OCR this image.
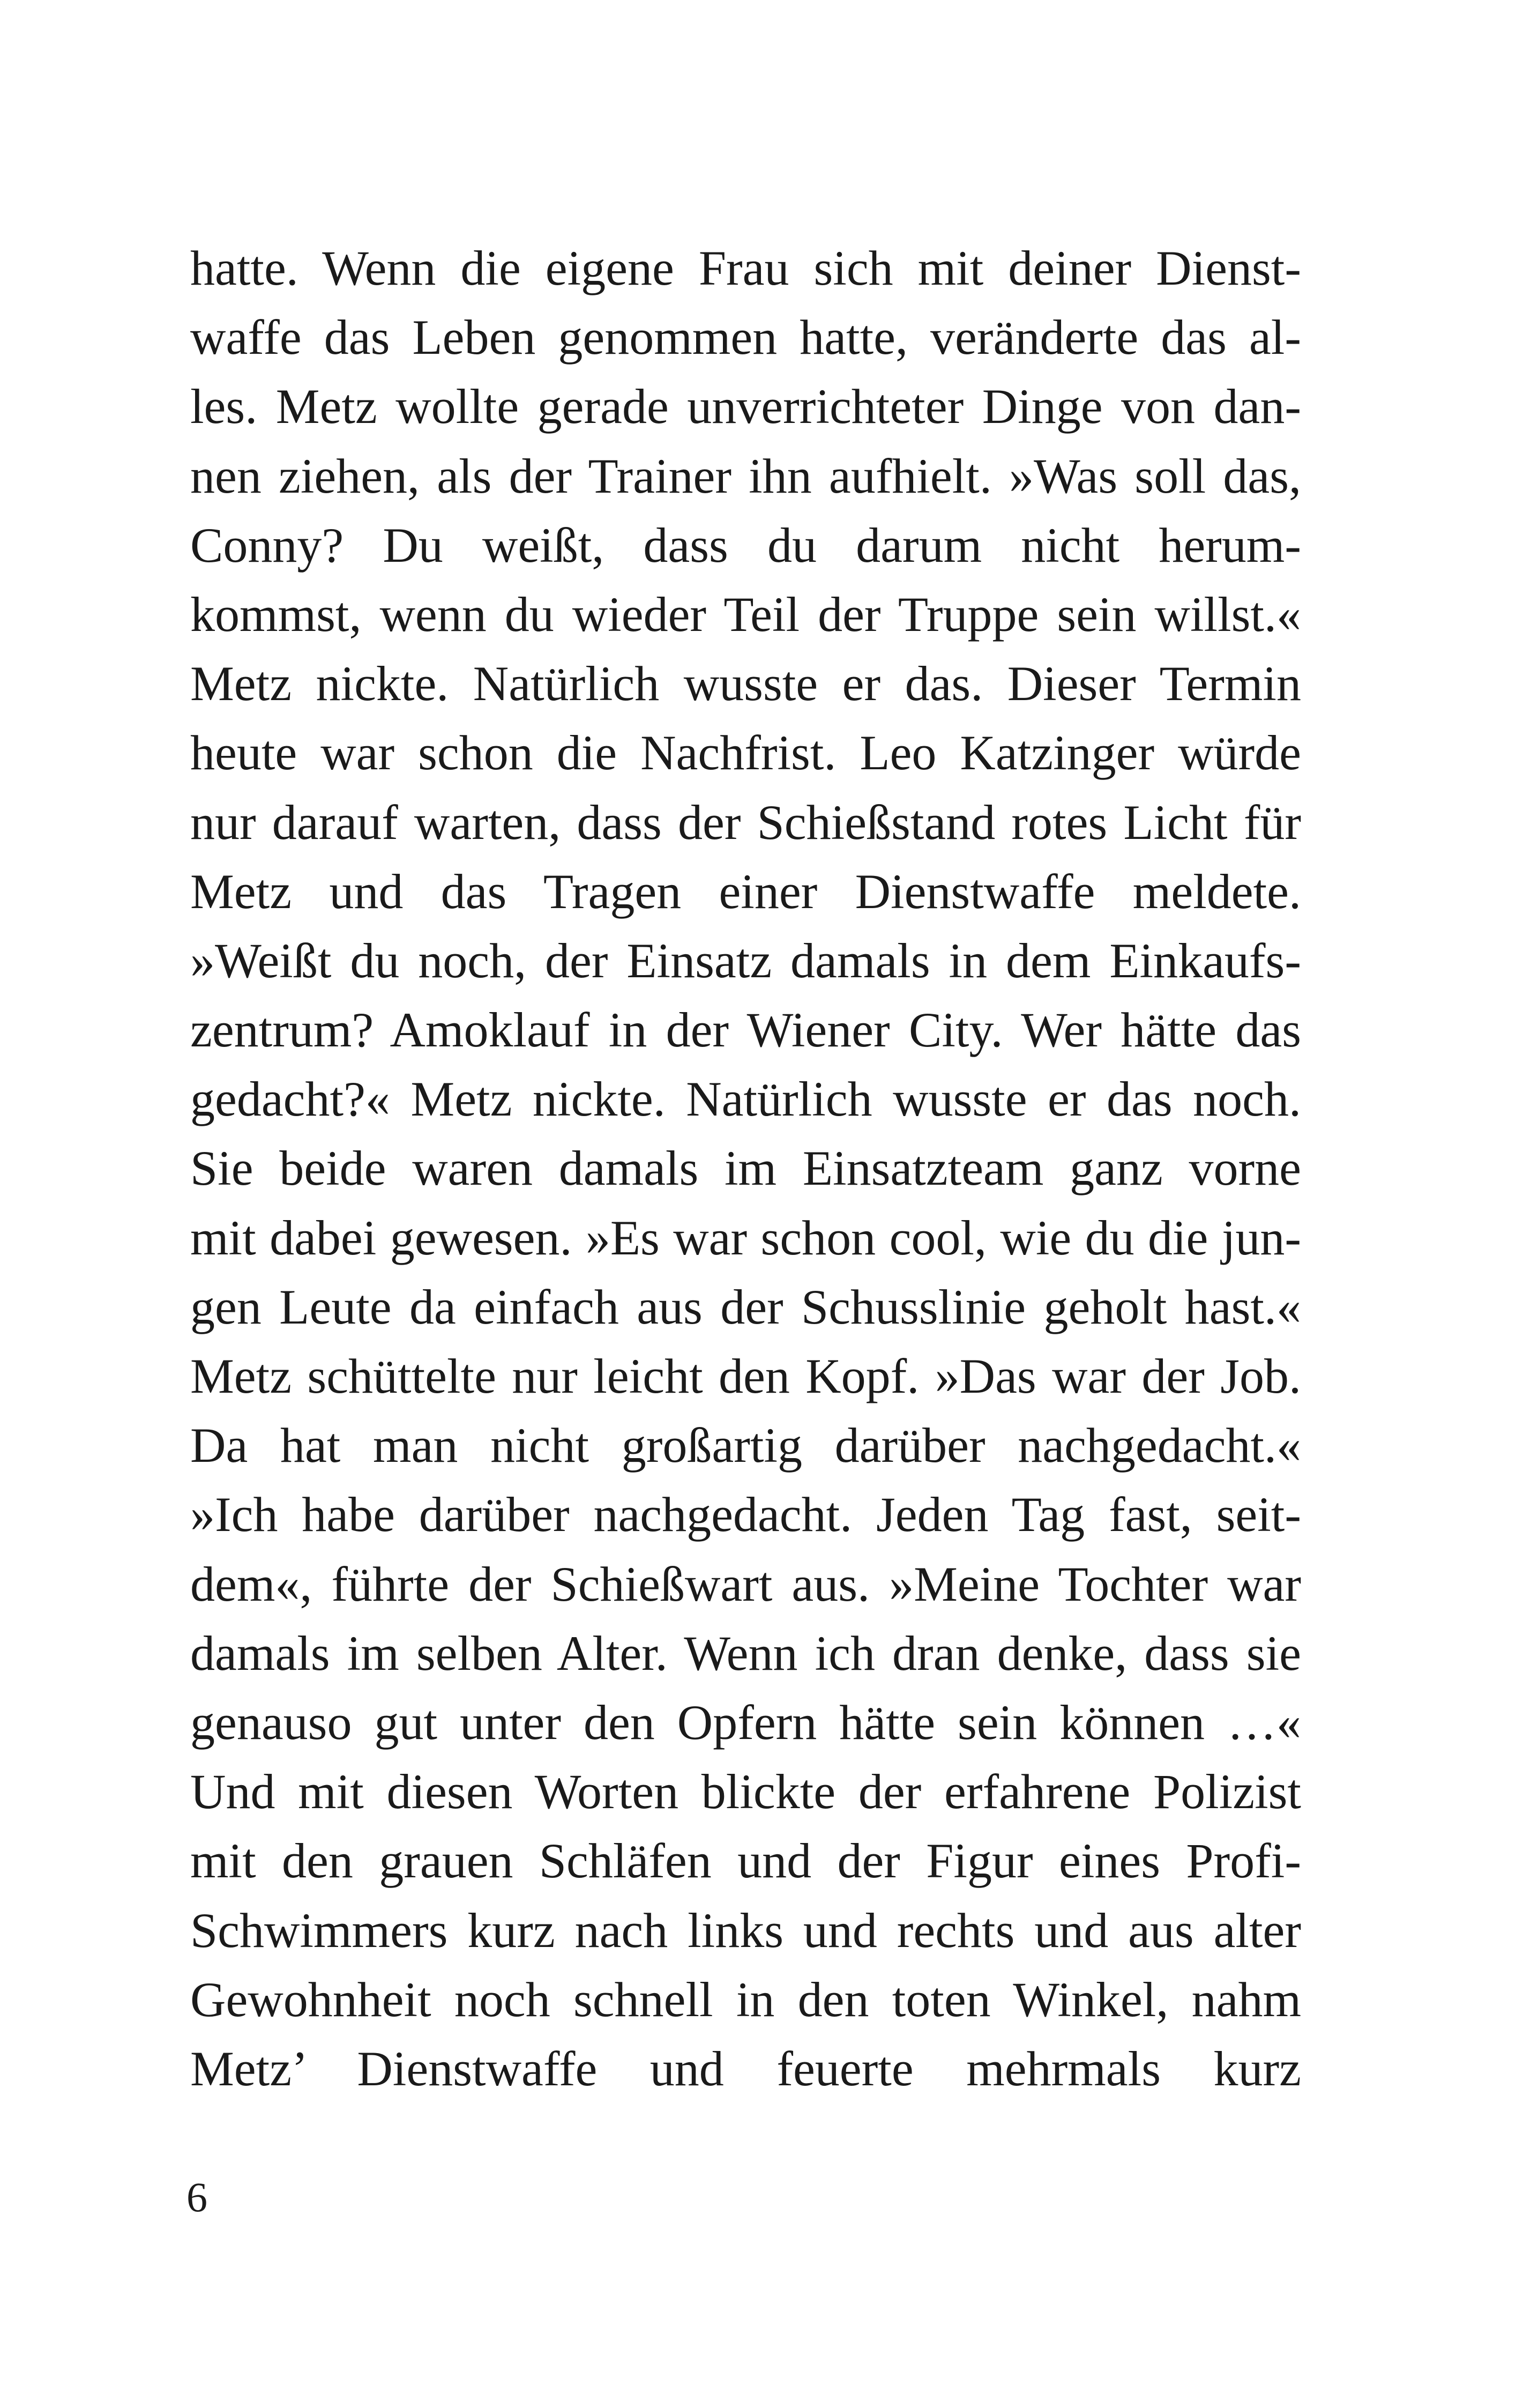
hatte. Wenn die eigene Frau sich mit deiner Dienst-
waffe das Leben genommen hatte, veränderte das al-
les. Metz wollte gerade unverrichteter Dinge von dan-
nen ziehen, als der Trainer ihn aufhielt. »Was soll das,
Conny? Du weißt, dass du darum nicht herum-
kommst, wenn du wieder Teil der Truppe sein willst.«
Metz nickte. Natürlich wusste er das. Dieser Termin
heute war schon die Nachfrist. Leo Katzinger würde
nur darauf warten, dass der Schießstand rotes Licht für
Metz und das Tragen einer Dienstwaffe meldete.
»Weißt du noch, der Einsatz damals in dem Einkaufs-
zentrum? Amoklauf in der Wiener City. Wer hätte das
gedacht?« Metz nickte. Natürlich wusste er das noch.
Sie beide waren damals im Einsatzteam ganz vorne
mit dabei gewesen. »Es war schon cool, wie du die jun-
gen Leute da einfach aus der Schusslinie geholt hast.«
Metz schüttelte nur leicht den Kopf. »Das war der Job.
Da hat man nicht großartig darüber nachgedacht.«
»Ich habe darüber nachgedacht. Jeden Tag fast, seit-
dem«, führte der Schießwart aus. »Meine Tochter war
damals im selben Alter. Wenn ich dran denke, dass sie
genauso gut unter den Opfern hätte sein können …«
Und mit diesen Worten blickte der erfahrene Polizist
mit den grauen Schläfen und der Figur eines Profi-
Schwimmers kurz nach links und rechts und aus alter
Gewohnheit noch schnell in den toten Winkel, nahm
Metz’ Dienstwaffe und feuerte mehrmals kurz
6
